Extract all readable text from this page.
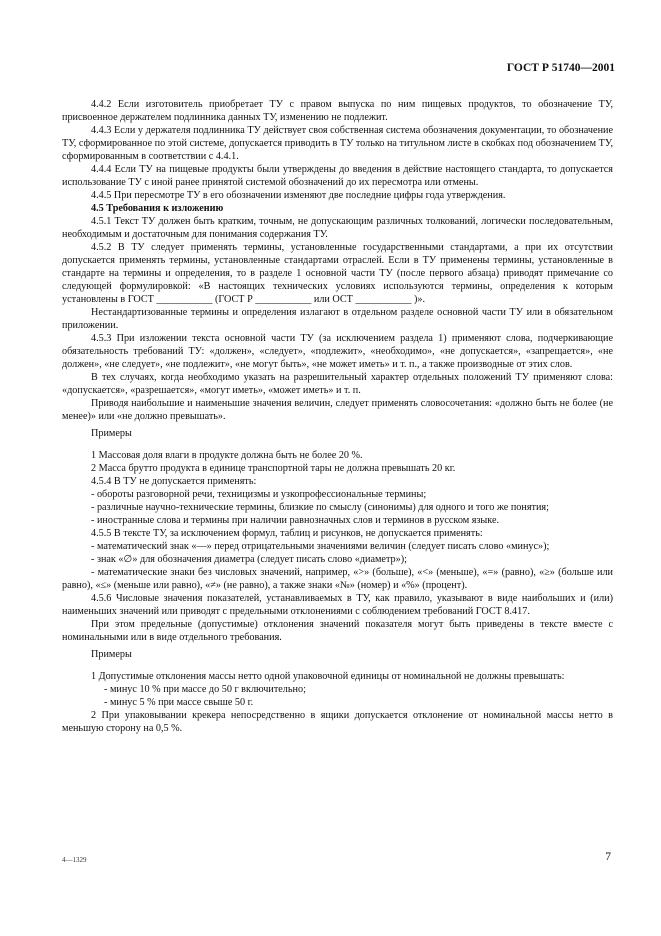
ГОСТ Р 51740—2001

4.4.2 Если изготовитель приобретает ТУ с правом выпуска по ним пищевых продуктов, то обозначение ТУ, присвоенное держателем подлинника данных ТУ, изменению не подлежит.

4.4.3 Если у держателя подлинника ТУ действует своя собственная система обозначения документации, то обозначение ТУ, сформированное по этой системе, допускается приводить в ТУ только на титульном листе в скобках под обозначением ТУ, сформированным в соответствии с 4.4.1.

4.4.4 Если ТУ на пищевые продукты были утверждены до введения в действие настоящего стандарта, то допускается использование ТУ с иной ранее принятой системой обозначений до их пересмотра или отмены.

4.4.5 При пересмотре ТУ в его обозначении изменяют две последние цифры года утверждения.

4.5 Требования к изложению

4.5.1 Текст ТУ должен быть кратким, точным, не допускающим различных толкований, логически последовательным, необходимым и достаточным для понимания содержания ТУ.

4.5.2 В ТУ следует применять термины, установленные государственными стандартами, а при их отсутствии допускается применять термины, установленные стандартами отраслей. Если в ТУ применены термины, установленные в стандарте на термины и определения, то в разделе 1 основной части ТУ (после первого абзаца) приводят примечание со следующей формулировкой: «В настоящих технических условиях используются термины, определения к которым установлены в ГОСТ ___________ (ГОСТ Р ___________ или ОСТ ___________ )».

Нестандартизованные термины и определения излагают в отдельном разделе основной части ТУ или в обязательном приложении.

4.5.3 При изложении текста основной части ТУ (за исключением раздела 1) применяют слова, подчеркивающие обязательность требований ТУ: «должен», «следует», «подлежит», «необходимо», «не допускается», «запрещается», «не должен», «не следует», «не подлежит», «не могут быть», «не может иметь» и т. п., а также производные от этих слов.

В тех случаях, когда необходимо указать на разрешительный характер отдельных положений ТУ применяют слова: «допускается», «разрешается», «могут иметь», «может иметь» и т. п.

Приводя наибольшие и наименьшие значения величин, следует применять словосочетания: «должно быть не более (не менее)» или «не должно превышать».

Примеры

1 Массовая доля влаги в продукте должна быть не более 20 %.

2 Масса брутто продукта в единице транспортной тары не должна превышать 20 кг.

4.5.4 В ТУ не допускается применять:

- обороты разговорной речи, техницизмы и узкопрофессиональные термины;

- различные научно-технические термины, близкие по смыслу (синонимы) для одного и того же понятия;

- иностранные слова и термины при наличии равнозначных слов и терминов в русском языке.

4.5.5 В тексте ТУ, за исключением формул, таблиц и рисунков, не допускается применять:

- математический знак «—» перед отрицательными значениями величин (следует писать слово «минус»);

- знак «∅» для обозначения диаметра (следует писать слово «диаметр»);

- математические знаки без числовых значений, например, «>» (больше), «<» (меньше), «=» (равно), «≥» (больше или равно), «≤» (меньше или равно), «≠» (не равно), а также знаки «№» (номер) и «%» (процент).

4.5.6 Числовые значения показателей, устанавливаемых в ТУ, как правило, указывают в виде наибольших и (или) наименьших значений или приводят с предельными отклонениями с соблюдением требований ГОСТ 8.417.

При этом предельные (допустимые) отклонения значений показателя могут быть приведены в тексте вместе с номинальными или в виде отдельного требования.

Примеры

1 Допустимые отклонения массы нетто одной упаковочной единицы от номинальной не должны превышать:

- минус 10 % при массе до 50 г включительно;

- минус 5 % при массе свыше 50 г.

2 При упаковывании крекера непосредственно в ящики допускается отклонение от номинальной массы нетто в меньшую сторону на 0,5 %.

4—1329	7
